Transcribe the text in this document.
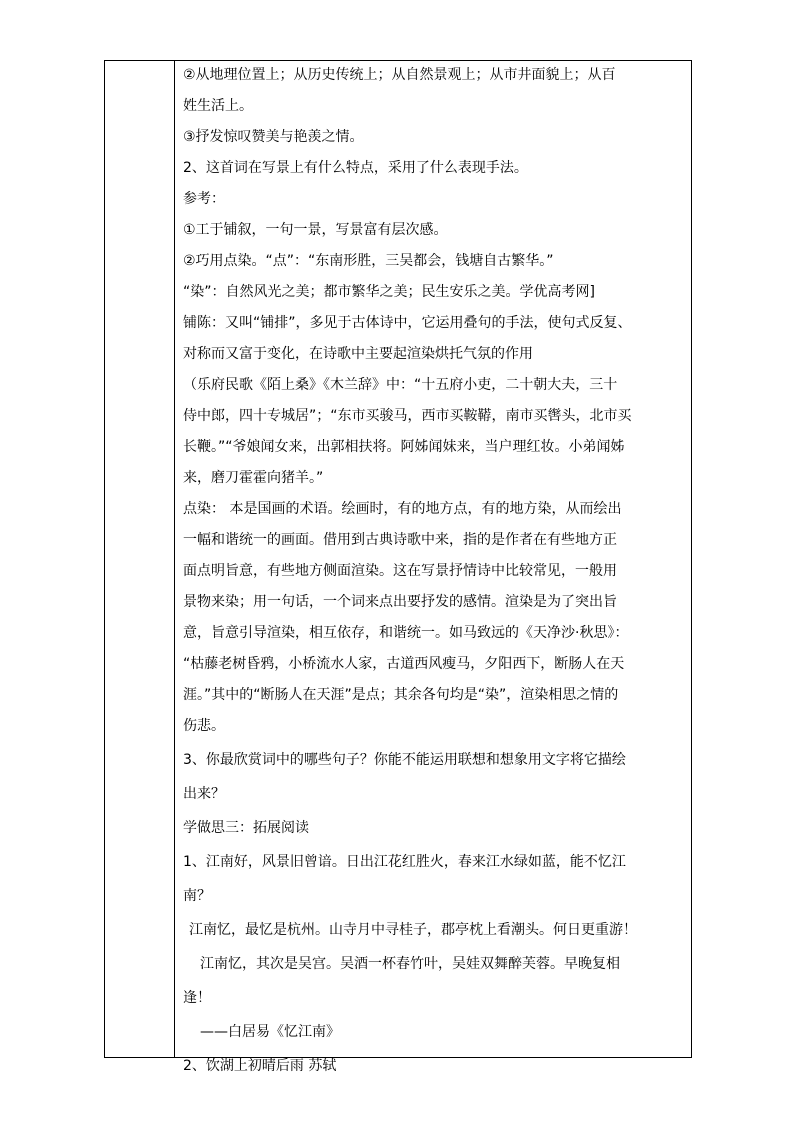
②从地理位置上；从历史传统上；从自然景观上；从市井面貌上；从百

姓生活上。

③抒发惊叹赞美与艳羡之情。

2、这首词在写景上有什么特点，采用了什么表现手法。

参考：

①工于铺叙，一句一景，写景富有层次感。

②巧用点染。“点”：“东南形胜，三吴都会，钱塘自古繁华。”

“染”：自然风光之美；都市繁华之美；民生安乐之美。学优高考网]

铺陈：又叫“铺排”，多见于古体诗中，它运用叠句的手法，使句式反复、

对称而又富于变化，在诗歌中主要起渲染烘托气氛的作用

（乐府民歌《陌上桑》《木兰辞》中：“十五府小吏，二十朝大夫，三十

侍中郎，四十专城居”；“东市买骏马，西市买鞍鞯，南市买辔头，北市买

长鞭。”“爷娘闻女来，出郭相扶将。阿姊闻妹来，当户理红妆。小弟闻姊

来，磨刀霍霍向猪羊。”

点染： 本是国画的术语。绘画时，有的地方点，有的地方染，从而绘出

一幅和谐统一的画面。借用到古典诗歌中来，指的是作者在有些地方正

面点明旨意，有些地方侧面渲染。这在写景抒情诗中比较常见，一般用

景物来染；用一句话，一个词来点出要抒发的感情。渲染是为了突出旨

意，旨意引导渲染，相互依存，和谐统一。如马致远的《天净沙·秋思》：

“枯藤老树昏鸦，小桥流水人家，古道西风瘦马，夕阳西下，断肠人在天

涯。”其中的“断肠人在天涯”是点；其余各句均是“染”，渲染相思之情的

伤悲。

3、你最欣赏词中的哪些句子？你能不能运用联想和想象用文字将它描绘

出来？

学做思三：拓展阅读

1、江南好，风景旧曾谙。日出江花红胜火，春来江水绿如蓝，能不忆江

南？

江南忆，最忆是杭州。山寺月中寻桂子，郡亭枕上看潮头。何日更重游！

江南忆，其次是吴宫。吴酒一杯春竹叶，吴娃双舞醉芙蓉。早晚复相

逢！

——白居易《忆江南》

2、饮湖上初晴后雨 苏轼
